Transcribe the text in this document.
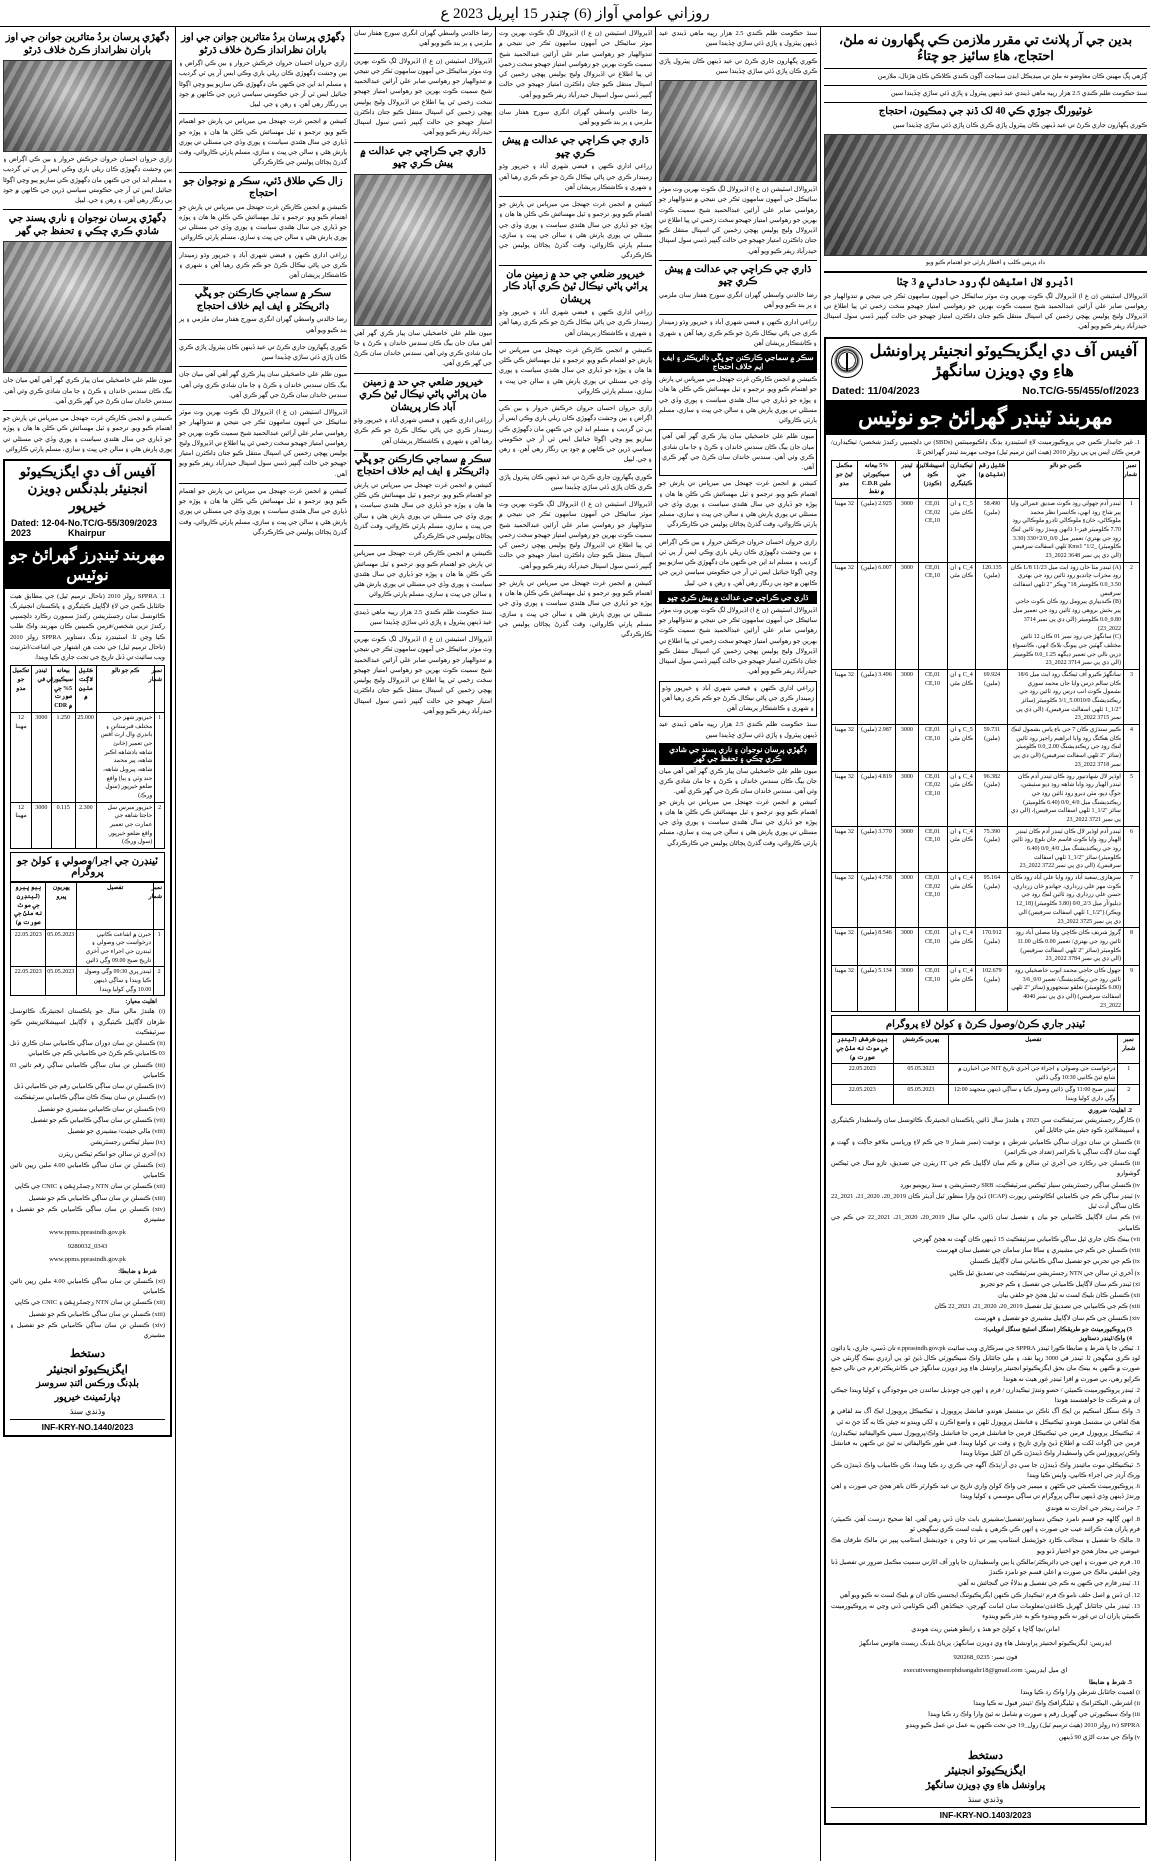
روزاني عوامي آواز (6) چنڊر 15 اپريل 2023 ع
بدين جي آر پلانٽ تي مقرر ملازمن ڪي پگهارون نه ملڻ، احتجاج، هاءِ سائيز جو چتاءُ
ڳڙهي ڀڳ مهينن ڪان معاوضو نه ملڻ تي ميڊيڪل ايڊن سماجت آڳون ڪندي ڪلاڪي ڪان هڙتال، ملازمن
سنڌ حڪومت ظلم ڪندي 2.5 هزار رپيه ماهي ڏيندي عيد ڏينهن پيٽرول ۽ ڀاڙي ڏئي ساڙي ڇڏيندا سين
غوٽيورلگ جوڙي ڪي 40 لک ڏنڊ جي ڊمڪيون، احتجاج
ڪوري پگهارون جاري ڪرڻ تي عيد ڏينهن ڪان پيٽرول ڀاڙي ڪري ڪان ڀاڙي ڏئي ساڙي ڇڏيندا سين
داد پريس ڪلب ۽ افطار پارٽي جو اهتمام ڪيو ويو
اڏيرو لال اسٽيشن لڳ رود حادثي ۾ 3 چٽا
اڏيروالال اسٽيشن (ن ع ا) اڏيرولال لڳ ڪوٽ بهرين وٽ موٽر سائيڪل حي آمهون سامهون ٽڪر جي نتيجي ۾ تندوالهيار جو رهواسي صابر علي آرائين عبدالحميد شيخ سميت ڪوٽ بهرين جو رهواسي امتياز جهيجو سخت زخمي ٿي پيا اطلاع تي اڏيرولال وليج پوليس پهچي زخمين کي اسپتال منتقل ڪيو جتان ڊاڪٽرن امتياز جهيجو جي حالت ڳنڀير ڏسي سول اسپتال حيدرآباد ريفر ڪيو ويو آهي.
آفيس آف دي ايگزيڪيوٽو انجنيئر پراونشل هاءِ وي ڊويزن سانگهڙ
Dated: 11/04/2023	No.TC/G-55/455/of/2023
مهربند ٽينڊر گهرائڻ جو نوٽيس
1. غير جانبدار ڪمن جي پروڪيورمينٽ لاءِ اسٽينڊرڊ بڊنگ ڊاڪيومينٽس (SBDs) تي دلچسپي رکندڙ شخصن/ ٺيڪيدارن/ فرمن ڪان ايس پي پي رولز 2010 (هيٺ ائين ترميم ٿيل) موجب مهربند ٽينڊر گهرائجن ٿا.
نمبر شمار	ڪمن جو نالو	ڪٽيل رقم (مليئن ۾)	ٺيڪيدارن جي ڪيٽيگري	اسپيشلائيزڊ ڪوڊ (ڪوڊز)	ٽينڊر في	5% بيعانه سيڪيورٽي ملين C.D.R ۾ نقط	مڪمل ٿيڻ جو مدو
1	ٽينڊر آدم جهولي رود ڪوٽ صديق عمراڻي وايا پير شاخ رود انهي، ڪانسرا نظر محمد ملوڪاڻي، خانءِ ملوڪاڻي ٽادرو ملوڪاڻي رود 7.70 ڪلوميٽر فيز-1 ڏانهن ويندڙ رود ٽائين لنڪ رود جي بهتري/ تعمير ميل 0/0_2/0+330 (3.30 ڪلوميٽر) _Kms1 "1/2 ٽلهي اسفالٽ سرفيس (الي ڊي پي نمبر 3648 2022_23	58.490 (ملين)	C_5 ۽ ان ڪان مٿي	CE,01
CE,02
CE,10	3000	2.925 (ملين)	32 مهينا
2	(A) ٽينڊر مٺا خان رود ايٽ ميل L/8 11/23 ڪان رود محراب چانڊيو رود ٽائين رود جي بهتري 3.50_0.0 ڪلوميٽر 18" ويڪر "2 ٽلهي اسفالٽ سرفيس
(B) ڪنديپاري پيرومل رود ڪان ڪوٽ حاجي پير بخش بروهي رود ٽائين رود جي تعمير ميل 0.80_0.0 ڪلوميٽر (الي ڊي پي نمبر 3714 2022_23)
(C) سانگهڙ جي رود نمبر 01 ڪان 12 ٽائين مختلف گهٽين جي پيونگ بلاڪ انهي، ڪانسواءِ ڊرين نالي جي تعمير ڊيگهه 1.25_0.0 ڪلوميٽر (الي ڊي پي نمبر 3714 2022_23	120.135 (ملين)	C_4 ۽ ان ڪان مٿي	CE,01
CE,10	3000	6.007 (ملين)	32 مهينا
3	سانگهڙ ڪيرو آف ٽيڪنگ رود ايٽ ميل 18/6 ڪان سالم درس وايا جان محمد سوري بشمول ڪوٽ انب درس رود ٽائين رود جي ريڪنڊيشنگ 5.0010/0_3/1 ڪلوميٽر (سائز "1/2_1 ٽلهي اسفالٽ سرفيس)، (الي ڊي پي نمبر 3715 2022_23	69.924 (ملين)	C_4 ۽ ان ڪان مٿي	CE,01
CE,10	3000	3.496 (ملين)	32 مهينا
4	ڪبير سنڌڙي ڪان 7 جي باءِ پاس بشمول لنڪ ڪان هڪنگ رود وايا ابراهيم راجپر رود ٽائين لنڪ رود جي ريڪنڊيشنگ 2.00_0.0 ڪلوميٽر (سائز "2 ٽلهي اسفالٽ سرفيس) (الي ڊي پي نمبر 3718 2022_23	59.731 (ملين)	C_5 ۽ ان ڪان مٿي	CE,01
CE,10	3000	2.987 (ملين)	32 مهينا
5	اوڏير لال شهادتپور رود ڪان ٽينڊر آدم ڪان ٽينڊر الهيار رود وايا شاهه رود ڊپو سٽيشن، جوڳ ڊپو، مٽن ڊيرو رود ٽائين رود جي ريڪنڊيشنگ ميل 4/0_0/0 (6.40 ڪلوميٽر) سائز "1/2_1 ٽلهي اسفالٽ سرفيس)، (الي ڊي پي نمبر 3721 2022_23	96.382 (ملين)	C_4 ۽ ان ڪان مٿي	CE,01
CE,02
CE,10	3000	4.819 (ملين)	32 مهينا
6	ٽينڊر آدم اوڏير لال ڪان ٽينڊر آدم ڪان ٽينڊر الهيار رود وايا ڪوٽ قاسم جان بلوچ رود ٽائين رود جي ريڪنڊيشنگ ميل 4/0_0/0 (6.40 ڪلوميٽر) سائز "1/2_1 ٽلهي اسفالٽ سرفيس)، (الي ڊي پي نمبر 3722 2022_23	75.390 (ملين)	C_4 ۽ ان ڪان مٿي	CE,01
CE,10	3000	3.770 (ملين)	32 مهينا
7	سرهازي_سعيد آباد رود وايا علي آباد رود ڪان ڪوٽ مهر علي زرداري، جهانڊو خان زرداري، حسن علي زرداري رود ٽائين لنڪ رود جي ڊبليو/آر ميل 2/3_0/0 (3.80 ڪلوميٽر) (18_12 ويڪر) ("1/2_1 ٽلهي اسفالٽ سرفيس) الي ڊي پي نمبر 3725 2022_23	95.164 (ملين)	C_4 ۽ ان ڪان مٿي	CE,01
CE,02
CE,10	3000	4.758 (ملين)	32 مهينا
8	ڳروڙ شريف ڪان ڪاڇي وايا مصلي آباد رود ٽائين رود جي بهتري/ تعمير 0.00 ڪان 11.00 ڪلوميٽر (سائز "2 ٽلهي اسفالٽ سرفيس) (الي ڊي پي نمبر 3784 2022_23	170.912 (ملين)	C_4 ۽ ان ڪان مٿي	CE,01
CE,10	3000	8.546 (ملين)	32 مهينا
9	جهول ڪان حاجي محمد ايوب خاصخيلي رود ٽائين رود جي ريڪنڊيشنگ/ تعمير 0/0_3/6 (6.00 ڪلوميٽر) تعلقو سنجهورو (سائز "2 ٽلهي اسفالٽ سرفيس) (الي ڊي پي نمبر 4040 2022_23	102.679 (ملين)	C_4 ۽ ان ڪان مٿي	CE,01
CE,10	3000	5.134 (ملين)	32 مهينا
ٽينڊر جاري ڪرڻ/وصول ڪرڻ ۽ کولڻ لاءِ پروگرام
نمبر شمار	تفصيل	پهرين ڪرشش	بين ڪرشش (ٽينڊر جي موٽ نه ملڻ جي صورت ۾)
1	درخواست جي وصولي ۽ اجراء جي آخري تاريخ NIT جي اخبارن ۾ شايع ٿيڻ ڪانپي 10:30 وڳي ڏائين	05.05.2023	22.05.2023
2	ٽينڊر صبح 11:00 وڳي ڏائين وصول ڪيا ۽ ساڳي ڏينهن منجهند 12:00 وڳي داري کوليا ويندا	05.05.2023	22.05.2023
2. اهليت/ ضروري
i) ڪارگر رجسٽريشن سرٽيفڪيٽ سن 2023 ۽ هلندڙ سال ڏائين پاڪستان انجنيئرنگ ڪائونسل سان واسطيدار ڪيٽيگري ۽ اسپيشلائيزڊ ڪوڊ جيئن مٿي ڄاڻايل آهن
ii) ڪنسلن تن سان دوران ساڳي ڪاميابي شرطن ۽ نوعيت (نمبر شمار 9 جي ڪم لاءِ ورياسي ملاقو جاڳت ۽ گهٽ ۾ گهٽ سان لاڳت ساڳي يا ڪرائمر (تعداد جي ڪرائمر)
iii) ڪنسلن جي رڪارڊ جي آخري ٽن سالن ۾ ڪم سان لاڳاپيل ڪم جي IT ريٽرن جي تصديق، تازو سال جي ٽيڪس گوشوارو
iv) ڪنسلن ساڳي رجسٽريشن سيلز ٽيڪس سرٽيفڪيٽ، SRB رجسٽريشن ۽ سنڌ ريوينيو بورڊ
v) ٽينڊر ساڳي ڪم جي ڪاميابي اڪائونٽس رپورٽ (ICAP) ڏيڻ وارا منظور ٿيل آڊيٽر ڪان 2019_20، 2020_21، 2021_22 ڪان ساڳي آڊٽ ٿيل
vi) ڪم سان لاڳاپيل ڪاميابي جو بيان ۽ تفصيل سان ڏائين، مالي سال 2019_20، 2020_21، 2021_22 جي ڪم جي ڪاميابي
vii) بينڪ ڪان جاري ٿيل ساڳي ڪاميابي سرٽيفڪيٽ 15 ڏينهن ڪان گهٽ نه هجڻ گهرجي
viii) ڪنسلن جي ڪم جي مشينري ۽ ساڻا ساز سامان جي تفصيل سان فهرست
ix) ڪم جي تجربي جو تفصيل ساڳي ڪاميابي سان لاڳاپيل ڪنسلن
x) آخري ٽن سالن جي NTN رجسٽريشن سرٽيفڪيٽ جي تصديق ٿيل ڪاپي
xi) ٽينڊر ڪم سان لاڳاپيل ڪاميابي جي تفصيل ۽ ڪم جو تجربو
xii) ڪنسلن ڪان بليڪ لسٽ نه ٿيل هجڻ جو حلفي بيان
xiii) ڪم جي ڪاميابي جي تصديق ٿيل تفصيل 2019_20، 2020_21، 2021_22 ڪان
xiv) ڪنسلن جي ڪم سان لاڳاپيل مشينري جو تفصيل ۽ فهرست
3) پروڪيورمينٽ جو طريقڪار (سنگل اسٽيج سنگل انويلپ):
4) واڪ/ٽينڊر دستاويز
1. ٽيڪي جا ڀا شرط ۽ ضابطا ڪورا ٽينڊر SPPRA جي سرڪاري ويب سائيٽ e.pprasindh.gov.pk تان ڏسي، جاري، يا ڊائون لوڊ ڪري سگهجن ٿا. ٽينڊر في 3000 رپيا نقد، ۽ ملي جائٽابل واڪ سيڪيورٽي ڪال ڏيڻ ٿو. پي آرڊري بينڪ ڳارنٽي جي صورت ۾ ڪنهن به بينڪ مان بحق ايگزيڪيوٽو انجنيئر پراونشل هاءِ ويز ڊويزن سانگهڙ جي ڪانٽريڪٽر/فرم جي نالي جمع ڪرايو رهي، بي صورت ۾ افزا ٽينڊر غور هيٺ نه هوندا
2. ٽينڊر پروڪيورمينٽ ڪميٽي / حصو وٺندڙ ٺيڪيدارن / فرم ۽ انهن جي چونڊيل نمائندن جي موجودگي ۽ کوليا ويندا جيڪي ان ۾ شرڪت جا خواهشمند هوندا
3. واڪ سنگل اسڪيم بن ايڪ آگ ٺاڪن تي مشتمل هوندو. فنانشل پروپوزل ۽ ٽيڪنيڪل پروپوزل ايڪ آگ بند لفافي ۾ هڪ لفافي تي مشتمل هوندو. ٽيڪنيڪل ۽ فنانشل پروپوزل ٽلهن ۽ واضع اڪرن ۽ لکي ويندو ته جيئن ڪا به گڏ جڻ نه ٿي
4. ٽيڪنيڪل پروپوزل فرمن جي ٽيڪنيڪل فرمن جا فنانشل فرمن جا فنانشل واڪ/پروپوزل سيني ڪواليفائيڊ ٺيڪيدارن/فرمن جي اڳواٽ لکت ۾ اطلاع ڏيڻ واري تاريخ ۽ وقت تي کوليا ويندا. فني طور ڪواليفائي نه ٿيڻ تي ڪنهن به فنانشل واڪن/پروپوزلس ڪي واسطيدار واڪ ڏيندڙن ڪي اڻ کليل موٽايا ويندا
5. ٽيڪنيڪلي موٽ مائينڊز واڪ ڏيندڙن جا سي ڊي آر/ٻڌڪ آگهه جي ڪري رد ڪيا ويندا، ڪن ڪامياب واڪ ڏيندڙن ڪي ورڪ آرڊر جي اجراء ڪانپي، واپس ڪيا ويندا
6. پروڪيورمينٽ ڪميٽي جي ڪٿهن ۽ ميمبر جي واڪ کولڻ واري تاريخ تي عيد ڪوارٽر ڪان باهر هجڻ جي صورت ۽ اهي ورندڙ ڏينهن وڌي ڏينهن ساڳي پروگرام تي ساڳي موسمي ۽ کوليا ويندا
7. جراتت رينجر جي اجازت نه هوندي
8. انهن ڳالهه جو قسم نامرد جيڪي دستاويز/تفصيل/مشينري بابت جان ڏني رهي آهي. اها صحيح درست آهي. ڪميٽي/فرم پاران هٿ ڪرائند عيب جي صورت ۽ انهن ڪي ڪرهي ۽ بليٽ لسٽ ڪري سگهجي ٿو
9. مالڪ جا تفصيل ۽ سجائب ڪارڊ جوڙيشنل اسٽامپ پيپر تي ڏنا وڃن ۽ جوڊيشنل اسٽامپ پيپر تي مالڪ طرفان هڪ عيوضي جي مجاز هجڻ جو اختيار ڏنو ويو
10. فرم جي صورت ۽ انهن جي ڊائريڪٽر/مالڪن يا ٻين واسطيدارن جا پاور آف اٽارني سميت مڪمل ضرور تي تفصيل ڏنا وڃن اطيفي مالڪ جي صورت ۾ اعلي قسم جو نامزد ڪندڙ
11. ٽينڊر فارم جي ڪنهن به ڪم جي تفصيل ۾ بدلاءُ جي گنجائش نه آهي
12. ان ڏس ۾ اصل حلف نامو ڪ فرم /ٺيڪيدار ڪي ڪنهن ايگزيڪيوٽنگ ايجنسي ڪان ان ۾ بليڪ لسٽ نه ڪيو ويو آهي
13. ٽينڊر ملي جائٽابل گهربل ڪاغذن/معلومات سان امانت گهرجن، جيڪڏهن اڳتي ڪوٽامي ڏني وڃي ته پروڪيورمينٽ ڪميٽي پاران ان تي غور نه ڪيو ويندوء ڪو به عذر ڪيو ويندوء
امانن/بچا ڳاڇا ۽ کولڻ جو هنڌ ۽ رابطو هيٺين ريت هوندي
ايڊريس: ايگزيڪيوٽو انجنيئر پراونشل هاءِ وي ڊويزن سانگهڙ، پرياڻ بلڊنگ ريسٽ هائوس سانگهڙ
فون نمبر: 0235_920268
اي ميل ايڊريس: executiveengineerphdsangahr18@gmail.com
5. شرط ۽ ضابطا
i) اهميت جائٽابل شرطن وارا واڪ رد ڪيا ويندا
ii) اشرطي، اليڪٽرانڪ ۽ ٽيليگرافڪ واڪ /ٽينڊر قبول نه ڪيا ويندا
iii) واڪ سيڪيورٽي جي گهربل رقم ۽ صورت ۾ شامل نه ٿيڻ وارا واڪ رد ڪيا ويندا
iv) SPPRA رولز 2010 (هيٺ ترميم ٿيل) رول_19 جي تحت ڪنهن به عمل تي عمل ڪيو ويندو
v) واڪ جي مدت اڻڙي 90 ڏينهن
دستخط
ايگزيڪيوٽو انجنيئر
پراونشل هاءِ وي ڊويزن سانگهڙ
وڌندي سنڌ
INF-KRY-NO.1403/2023
سنڌ حڪومت ظلم ڪندي 2.5 هزار رپيه ماهي ڏيندي عيد ڏينهن پيٽرول ۽ ڀاڙي ڏئي ساڙي ڇڏيندا سين
ڪوري پگهارون جاري ڪرڻ تي عيد ڏينهن ڪان پيٽرول ڀاڙي ڪري ڪان ڀاڙي ڏئي ساڙي ڇڏيندا سين
اڏيروالال اسٽيشن (ن ع ا) اڏيرولال لڳ ڪوٽ بهرين وٽ موٽر سائيڪل حي آمهون سامهون ٽڪر جي نتيجي ۾ تندوالهيار جو رهواسي صابر علي آرائين عبدالحميد شيخ سميت ڪوٽ بهرين جو رهواسي امتياز جهيجو سخت زخمي ٿي پيا اطلاع تي اڏيرولال وليج پوليس پهچي زخمين کي اسپتال منتقل ڪيو جتان ڊاڪٽرن امتياز جهيجو جي حالت ڳنڀير ڏسي سول اسپتال حيدرآباد ريفر ڪيو ويو آهي.
ڌاري جي ڪراچي جي عدالت ۾ پيش ڪري چڀو
رضا خالدني واسطي گهران انگري سورج هفتار سان ملزمي ۽ پر بند ڪيو ويو آهي
زراعي اداري ڪنهن ۽ قبضي شهري آباد ۽ خيرپور وڌو زميندار ڪري جي پاڻي نيڪال ڪرڻ جو ڪم ڪري رهيا آهن ۽ شهري ۽ ڪاشتڪار پريشان آهن
سڪر ۾ سماجي ڪارڪنن جو ڀڱي ڊائريڪٽر ۽ ايف ايم خلاف احتجاج
ڪنيشن ۾ انجمن ڪارڪن غرت جهنجل مي ميرپاس تي پارش جو اهتمام ڪيو ويو. ترجمو ۽ ٽيل مهسائش ڪي ڪلن ها هان ۽ پوڙه جو ڏياري جي سال هڻندي سياست ۽ پوري وڏي جي مسئلي تي پوري پارش هڻي ۽ سالن جي ڀيٽ ۽ سازي، مسلم پارٽي ڪاروائي
ميون ظلم علي خاصخيلي سان پيار ڪري گهر آهي آهي ميان جان بيگ ڪان سندس خاندان ۽ ڪرڻ ۽ جا مان شادي ڪري وئي آهي. سندس خاندان سان ڪرڻ جي گهر ڪري آهي.
کنيشن ۾ انجمن غرت جهنجل مي ميرپاس تي پارش جو اهتمام ڪيو ويو. ترجمو ۽ ٽيل مهسائش ڪي ڪلن ها هان ۽ پوڙه جو ڏياري جي سال هڻندي سياست ۽ پوري وڏي جي مسئلي تي پوري پارش هڻي ۽ سالن جي ڀيٽ ۽ سازي، مسلم پارٽي ڪاروائي، وقت گذرڻ پڄاڻان پوليس جي ڪارڪردگي
زازي حروان احسان حروان خرڪش حروار ۽ بين ڪي اڳراض ۽ بين وحشت ڊگهوڙي ڪان ريلي باري وڪي ايس آر پي ٽي گرديب ۽ مسلم ابد اين جي ڪنهن مان ڊگهوڙي ڪي سازيو پيو وچي اڳوڻا جبائيل ايس ٽي آر جي حڪومتي سياسي ڌرين جي ڪانهن ۾ جوڊ ٻي رنگار رهي آهن. ۽ رھن ۽ جي. ليپل
ڌاري جي ڪراچي جي عدالت ۾ پيش ڪري چڀو
اڏيروالال اسٽيشن (ن ع ا) اڏيرولال لڳ ڪوٽ بهرين وٽ موٽر سائيڪل حي آمهون سامهون ٽڪر جي نتيجي ۾ تندوالهيار جو رهواسي صابر علي آرائين عبدالحميد شيخ سميت ڪوٽ بهرين جو رهواسي امتياز جهيجو سخت زخمي ٿي پيا اطلاع تي اڏيرولال وليج پوليس پهچي زخمين کي اسپتال منتقل ڪيو جتان ڊاڪٽرن امتياز جهيجو جي حالت ڳنڀير ڏسي سول اسپتال حيدرآباد ريفر ڪيو ويو آهي.
زراعي اداري ڪنهن ۽ قبضي شهري آباد ۽ خيرپور وڌو زميندار ڪري جي پاڻي نيڪال ڪرڻ جو ڪم ڪري رهيا آهن ۽ شهري ۽ ڪاشتڪار پريشان آهن
سنڌ حڪومت ظلم ڪندي 2.5 هزار رپيه ماهي ڏيندي عيد ڏينهن پيٽرول ۽ ڀاڙي ڏئي ساڙي ڇڏيندا سين
ڊگهڙي پرسان نوجوان ۽ ناري پسند جي شادي ڪري چڪي ۽ تحفظ جي گهر
ميون ظلم علي خاصخيلي سان پيار ڪري گهر آهي آهي ميان جان بيگ ڪان سندس خاندان ۽ ڪرڻ ۽ جا مان شادي ڪري وئي آهي. سندس خاندان سان ڪرڻ جي گهر ڪري آهي.
کنيشن ۾ انجمن غرت جهنجل مي ميرپاس تي پارش جو اهتمام ڪيو ويو. ترجمو ۽ ٽيل مهسائش ڪي ڪلن ها هان ۽ پوڙه جو ڏياري جي سال هڻندي سياست ۽ پوري وڏي جي مسئلي تي پوري پارش هڻي ۽ سالن جي ڀيٽ ۽ سازي، مسلم پارٽي ڪاروائي، وقت گذرڻ پڄاڻان پوليس جي ڪارڪردگي
اڏيروالال اسٽيشن (ن ع ا) اڏيرولال لڳ ڪوٽ بهرين وٽ موٽر سائيڪل حي آمهون سامهون ٽڪر جي نتيجي ۾ تندوالهيار جو رهواسي صابر علي آرائين عبدالحميد شيخ سميت ڪوٽ بهرين جو رهواسي امتياز جهيجو سخت زخمي ٿي پيا اطلاع تي اڏيرولال وليج پوليس پهچي زخمين کي اسپتال منتقل ڪيو جتان ڊاڪٽرن امتياز جهيجو جي حالت ڳنڀير ڏسي سول اسپتال حيدرآباد ريفر ڪيو ويو آهي.
رضا خالدني واسطي گهران انگري سورج هفتار سان ملزمي ۽ پر بند ڪيو ويو آهي
ڌاري جي ڪراچي جي عدالت ۾ پيش ڪري چڀو
زراعي اداري ڪنهن ۽ قبضي شهري آباد ۽ خيرپور وڌو زميندار ڪري جي پاڻي نيڪال ڪرڻ جو ڪم ڪري رهيا آهن ۽ شهري ۽ ڪاشتڪار پريشان آهن
کنيشن ۾ انجمن غرت جهنجل مي ميرپاس تي پارش جو اهتمام ڪيو ويو. ترجمو ۽ ٽيل مهسائش ڪي ڪلن ها هان ۽ پوڙه جو ڏياري جي سال هڻندي سياست ۽ پوري وڏي جي مسئلي تي پوري پارش هڻي ۽ سالن جي ڀيٽ ۽ سازي، مسلم پارٽي ڪاروائي، وقت گذرڻ پڄاڻان پوليس جي ڪارڪردگي
خيرپور ضلعي جي حد ۾ زمينن مان پراڻي پاڻي نيڪال ٿيڻ ڪري آباد ڪار پريشان
زراعي اداري ڪنهن ۽ قبضي شهري آباد ۽ خيرپور وڌو زميندار ڪري جي پاڻي نيڪال ڪرڻ جو ڪم ڪري رهيا آهن ۽ شهري ۽ ڪاشتڪار پريشان آهن
ڪنيشن ۾ انجمن ڪارڪن غرت جهنجل مي ميرپاس تي پارش جو اهتمام ڪيو ويو. ترجمو ۽ ٽيل مهسائش ڪي ڪلن ها هان ۽ پوڙه جو ڏياري جي سال هڻندي سياست ۽ پوري وڏي جي مسئلي تي پوري پارش هڻي ۽ سالن جي ڀيٽ ۽ سازي، مسلم پارٽي ڪاروائي
زازي حروان احسان حروان خرڪش حروار ۽ بين ڪي اڳراض ۽ بين وحشت ڊگهوڙي ڪان ريلي باري وڪي ايس آر پي ٽي گرديب ۽ مسلم ابد اين جي ڪنهن مان ڊگهوڙي ڪي سازيو پيو وچي اڳوڻا جبائيل ايس ٽي آر جي حڪومتي سياسي ڌرين جي ڪانهن ۾ جوڊ ٻي رنگار رهي آهن. ۽ رھن ۽ جي. ليپل
ڪوري پگهارون جاري ڪرڻ تي عيد ڏينهن ڪان پيٽرول ڀاڙي ڪري ڪان ڀاڙي ڏئي ساڙي ڇڏيندا سين
اڏيروالال اسٽيشن (ن ع ا) اڏيرولال لڳ ڪوٽ بهرين وٽ موٽر سائيڪل حي آمهون سامهون ٽڪر جي نتيجي ۾ تندوالهيار جو رهواسي صابر علي آرائين عبدالحميد شيخ سميت ڪوٽ بهرين جو رهواسي امتياز جهيجو سخت زخمي ٿي پيا اطلاع تي اڏيرولال وليج پوليس پهچي زخمين کي اسپتال منتقل ڪيو جتان ڊاڪٽرن امتياز جهيجو جي حالت ڳنڀير ڏسي سول اسپتال حيدرآباد ريفر ڪيو ويو آهي.
کنيشن ۾ انجمن غرت جهنجل مي ميرپاس تي پارش جو اهتمام ڪيو ويو. ترجمو ۽ ٽيل مهسائش ڪي ڪلن ها هان ۽ پوڙه جو ڏياري جي سال هڻندي سياست ۽ پوري وڏي جي مسئلي تي پوري پارش هڻي ۽ سالن جي ڀيٽ ۽ سازي، مسلم پارٽي ڪاروائي، وقت گذرڻ پڄاڻان پوليس جي ڪارڪردگي
رضا خالدني واسطي گهران انگري سورج هفتار سان ملزمي ۽ پر بند ڪيو ويو آهي
اڏيروالال اسٽيشن (ن ع ا) اڏيرولال لڳ ڪوٽ بهرين وٽ موٽر سائيڪل حي آمهون سامهون ٽڪر جي نتيجي ۾ تندوالهيار جو رهواسي صابر علي آرائين عبدالحميد شيخ سميت ڪوٽ بهرين جو رهواسي امتياز جهيجو سخت زخمي ٿي پيا اطلاع تي اڏيرولال وليج پوليس پهچي زخمين کي اسپتال منتقل ڪيو جتان ڊاڪٽرن امتياز جهيجو جي حالت ڳنڀير ڏسي سول اسپتال حيدرآباد ريفر ڪيو ويو آهي.
ڌاري جي ڪراچي جي عدالت ۾ پيش ڪري چڀو
ميون ظلم علي خاصخيلي سان پيار ڪري گهر آهي آهي ميان جان بيگ ڪان سندس خاندان ۽ ڪرڻ ۽ جا مان شادي ڪري وئي آهي. سندس خاندان سان ڪرڻ جي گهر ڪري آهي.
خيرپور ضلعي جي حد ۾ زمينن مان پراڻي پاڻي نيڪال ٿيڻ ڪري آباد ڪار پريشان
زراعي اداري ڪنهن ۽ قبضي شهري آباد ۽ خيرپور وڌو زميندار ڪري جي پاڻي نيڪال ڪرڻ جو ڪم ڪري رهيا آهن ۽ شهري ۽ ڪاشتڪار پريشان آهن
سڪر ۾ سماجي ڪارڪنن جو ڀڱي ڊائريڪٽر ۽ ايف ايم خلاف احتجاج
کنيشن ۾ انجمن غرت جهنجل مي ميرپاس تي پارش جو اهتمام ڪيو ويو. ترجمو ۽ ٽيل مهسائش ڪي ڪلن ها هان ۽ پوڙه جو ڏياري جي سال هڻندي سياست ۽ پوري وڏي جي مسئلي تي پوري پارش هڻي ۽ سالن جي ڀيٽ ۽ سازي، مسلم پارٽي ڪاروائي، وقت گذرڻ پڄاڻان پوليس جي ڪارڪردگي
ڪنيشن ۾ انجمن ڪارڪن غرت جهنجل مي ميرپاس تي پارش جو اهتمام ڪيو ويو. ترجمو ۽ ٽيل مهسائش ڪي ڪلن ها هان ۽ پوڙه جو ڏياري جي سال هڻندي سياست ۽ پوري وڏي جي مسئلي تي پوري پارش هڻي ۽ سالن جي ڀيٽ ۽ سازي، مسلم پارٽي ڪاروائي
سنڌ حڪومت ظلم ڪندي 2.5 هزار رپيه ماهي ڏيندي عيد ڏينهن پيٽرول ۽ ڀاڙي ڏئي ساڙي ڇڏيندا سين
اڏيروالال اسٽيشن (ن ع ا) اڏيرولال لڳ ڪوٽ بهرين وٽ موٽر سائيڪل حي آمهون سامهون ٽڪر جي نتيجي ۾ تندوالهيار جو رهواسي صابر علي آرائين عبدالحميد شيخ سميت ڪوٽ بهرين جو رهواسي امتياز جهيجو سخت زخمي ٿي پيا اطلاع تي اڏيرولال وليج پوليس پهچي زخمين کي اسپتال منتقل ڪيو جتان ڊاڪٽرن امتياز جهيجو جي حالت ڳنڀير ڏسي سول اسپتال حيدرآباد ريفر ڪيو ويو آهي.
ڊگهڙي پرسان بردُ متاثرين جوانن جي اوز باران نظرانداز ڪرڻ خلاف ڌرڻو
زازي حروان احسان حروان خرڪش حروار ۽ بين ڪي اڳراض ۽ بين وحشت ڊگهوڙي ڪان ريلي باري وڪي ايس آر پي ٽي گرديب ۽ مسلم ابد اين جي ڪنهن مان ڊگهوڙي ڪي سازيو پيو وچي اڳوڻا جبائيل ايس ٽي آر جي حڪومتي سياسي ڌرين جي ڪانهن ۾ جوڊ ٻي رنگار رهي آهن. ۽ رھن ۽ جي. ليپل
کنيشن ۾ انجمن غرت جهنجل مي ميرپاس تي پارش جو اهتمام ڪيو ويو. ترجمو ۽ ٽيل مهسائش ڪي ڪلن ها هان ۽ پوڙه جو ڏياري جي سال هڻندي سياست ۽ پوري وڏي جي مسئلي تي پوري پارش هڻي ۽ سالن جي ڀيٽ ۽ سازي، مسلم پارٽي ڪاروائي، وقت گذرڻ پڄاڻان پوليس جي ڪارڪردگي
زال ڪي طلاق ڏئي، سڪر ۾ نوجوان جو احتجاج
ڪنيشن ۾ انجمن ڪارڪن غرت جهنجل مي ميرپاس تي پارش جو اهتمام ڪيو ويو. ترجمو ۽ ٽيل مهسائش ڪي ڪلن ها هان ۽ پوڙه جو ڏياري جي سال هڻندي سياست ۽ پوري وڏي جي مسئلي تي پوري پارش هڻي ۽ سالن جي ڀيٽ ۽ سازي، مسلم پارٽي ڪاروائي
زراعي اداري ڪنهن ۽ قبضي شهري آباد ۽ خيرپور وڌو زميندار ڪري جي پاڻي نيڪال ڪرڻ جو ڪم ڪري رهيا آهن ۽ شهري ۽ ڪاشتڪار پريشان آهن
سڪر ۾ سماجي ڪارڪنن جو ڀڱي ڊائريڪٽر ۽ ايف ايم خلاف احتجاج
رضا خالدني واسطي گهران انگري سورج هفتار سان ملزمي ۽ پر بند ڪيو ويو آهي
ڪوري پگهارون جاري ڪرڻ تي عيد ڏينهن ڪان پيٽرول ڀاڙي ڪري ڪان ڀاڙي ڏئي ساڙي ڇڏيندا سين
ميون ظلم علي خاصخيلي سان پيار ڪري گهر آهي آهي ميان جان بيگ ڪان سندس خاندان ۽ ڪرڻ ۽ جا مان شادي ڪري وئي آهي. سندس خاندان سان ڪرڻ جي گهر ڪري آهي.
اڏيروالال اسٽيشن (ن ع ا) اڏيرولال لڳ ڪوٽ بهرين وٽ موٽر سائيڪل حي آمهون سامهون ٽڪر جي نتيجي ۾ تندوالهيار جو رهواسي صابر علي آرائين عبدالحميد شيخ سميت ڪوٽ بهرين جو رهواسي امتياز جهيجو سخت زخمي ٿي پيا اطلاع تي اڏيرولال وليج پوليس پهچي زخمين کي اسپتال منتقل ڪيو جتان ڊاڪٽرن امتياز جهيجو جي حالت ڳنڀير ڏسي سول اسپتال حيدرآباد ريفر ڪيو ويو آهي.
کنيشن ۾ انجمن غرت جهنجل مي ميرپاس تي پارش جو اهتمام ڪيو ويو. ترجمو ۽ ٽيل مهسائش ڪي ڪلن ها هان ۽ پوڙه جو ڏياري جي سال هڻندي سياست ۽ پوري وڏي جي مسئلي تي پوري پارش هڻي ۽ سالن جي ڀيٽ ۽ سازي، مسلم پارٽي ڪاروائي، وقت گذرڻ پڄاڻان پوليس جي ڪارڪردگي
ڊگهڙي پرسان بردُ متاثرين جوانن جي اوز باران نظرانداز ڪرڻ خلاف ڌرڻو
زازي حروان احسان حروان خرڪش حروار ۽ بين ڪي اڳراض ۽ بين وحشت ڊگهوڙي ڪان ريلي باري وڪي ايس آر پي ٽي گرديب ۽ مسلم ابد اين جي ڪنهن مان ڊگهوڙي ڪي سازيو پيو وچي اڳوڻا جبائيل ايس ٽي آر جي حڪومتي سياسي ڌرين جي ڪانهن ۾ جوڊ ٻي رنگار رهي آهن. ۽ رھن ۽ جي. ليپل
ڊگهڙي پرسان نوجوان ۽ ناري پسند جي شادي ڪري چڪي ۽ تحفظ جي گهر
ميون ظلم علي خاصخيلي سان پيار ڪري گهر آهي آهي ميان جان بيگ ڪان سندس خاندان ۽ ڪرڻ ۽ جا مان شادي ڪري وئي آهي. سندس خاندان سان ڪرڻ جي گهر ڪري آهي.
ڪنيشن ۾ انجمن ڪارڪن غرت جهنجل مي ميرپاس تي پارش جو اهتمام ڪيو ويو. ترجمو ۽ ٽيل مهسائش ڪي ڪلن ها هان ۽ پوڙه جو ڏياري جي سال هڻندي سياست ۽ پوري وڏي جي مسئلي تي پوري پارش هڻي ۽ سالن جي ڀيٽ ۽ سازي، مسلم پارٽي ڪاروائي
آفيس آف دي ايگزيڪيوٽو انجنيئر بلڊنگس ڊويزن خيرپور
Dated: 12-04-2023
No.TC/G-55/309/2023 Khairpur
مهربند ٽينڊرز گهرائڻ جو نوٽيس
1. SPPRA رولز 2010 (ناحال ترميم ٿيل) جي مطابق هيٺ جائٽابل ڪمن جي لاءِ لاڳاپيل ڪيٽيگري ۽ پاڪستان انجنيئرنگ ڪائونسل سان رجسٽريشن رکندڙ سمورن رڪارڊ دلچسپي رکندڙ ترين شخصن/فرمن ڪمپنين ڪان مهربند واڪ طلب ڪيا وڃن ٿا. اسٽينڊرڊ بڊنگ دستاويز SPPRA رولز 2010 (ناحال ترميم ٿيل) جي تحت هن اشتهار جي اشاعت/انٽرنيٽ ويب سائيٽ تي ڏنل تاريخ جي تحت جاري ڪيا ويندا.
نمبر شمار	ڪم جو نالو	ڪٽيل لاڳت ملين ۾	بيعانه سيڪيورٽي 5% جي صورت ۾ CDR	ٽينڊر في	تڪميل جو مدو
1	خيرپور شهر جي مختلف قبرستانن ۽ بانڊري وال ارٽ آفس جي تعمير (خانئ شاهه بادشاهه اڪبر شاهه، پير محمد شاهه، پيرويل شاهه، جند وٽي ۽ ٻيا) واقع ضلعو خيرپور (سول ورڪ)	25.000	1.250	3000	12 مهينا
2	خيرپور ميرس سل حاجتا شاهه جي عمارت جي تعمير واقع ضلعو خيرپور. (سول ورڪ)	2.300	0.115	3000	12 مهينا
ٽينڊرن جي اجرا/وصولي ۽ کولڻ جو پروگرام
نمبر شمار	تفصيل	پهريون ڀيرو	ٻيو ڀيرو (ٽينڊرن جي موٽ نه ملڻ جي صورت ۾)
1	خبرن ۾ اشاعت ڪانپي درخواست جي وصولي ۽ ٽينڊرن جي اجراء جي آخري تاريخ صبح 09.00 وڳي ڏائين	05.05.2023	22.05.2023
2	ٽينڊر ڀري 09:30 وڳي وصول ڪيا ويندا ۽ ساڳي ڏينهن 10.00 وڳي کوليا ويندا	05.05.2023	22.05.2023
اهليت معيار:
(i) هلندڙ مالي سال جو پاڪستان انجنيئرنگ ڪائونسل طرفان لاڳاپيل ڪيٽيگري ۽ لاڳاپيل اسپيشلائيزيشن ڪوڊ سرٽيفڪيٽ
(ii) ڪنسلن تن سان دوران ساڳي ڪاميابي سان ڪاري ڏنل 03 ڪاميابي ڪم ڪرڻ جي ڪاميابي ڪم جي ڪاميابي
(iii) ڪنسلن تن سان ساڳي ڪاميابي ساڳي رقم تائين 03 ڪاميابي
(iv) ڪنسلن تن سان ساڳي ڪاميابي رقم جي ڪاميابي ڏنل
(v) ڪنسلن تن سان بينڪ ڪان ساڳي ڪاميابي سرٽيفڪيٽ
(vi) ڪنسلن تن سان ڪاميابي مشينري جو تفصيل
(vii) ڪنسلن تن سان ساڳي ڪاميابي ڪم جو تفصيل
(viii) مالي حيثيت/ مشينري جو تفصيل
(ix) سيلز ٽيڪس رجسٽريشن
(x) آخري ٽن سالن جو انڪم ٽيڪس ريٽرن
(xi) ڪنسلن تن سان ساڳي ڪاميابي 4.00 ملين رپين تائين ڪاميابي
(xii) ڪنسلن تن سان NTN رجسٽريشن ۽ CNIC جي ڪاپي
(xiii) ڪنسلن تن سان ساڳي ڪاميابي ڪم جو تفصيل
(xiv) ڪنسلن تن سان ساڳي ڪاميابي ڪم جو تفصيل ۽ مشينري
www.ppms.pprasindh.gov.pk
0343_9280032
www.ppms.pprasindh.gov.pk
شرط ۽ ضابطا:
(xi) ڪنسلن تن سان ساڳي ڪاميابي 4.00 ملين رپين تائين ڪاميابي
(xii) ڪنسلن تن سان NTN رجسٽريشن ۽ CNIC جي ڪاپي
(xiii) ڪنسلن تن سان ساڳي ڪاميابي ڪم جو تفصيل
(xiv) ڪنسلن تن سان ساڳي ڪاميابي ڪم جو تفصيل ۽ مشينري
دستخط
ايگزيڪيوٽو انجنيئر
بلڊنگ ورڪس ائنڊ سروسز
ڊپارٽمينٽ خيرپور
وڌندي سنڌ
INF-KRY-NO.1440/2023
